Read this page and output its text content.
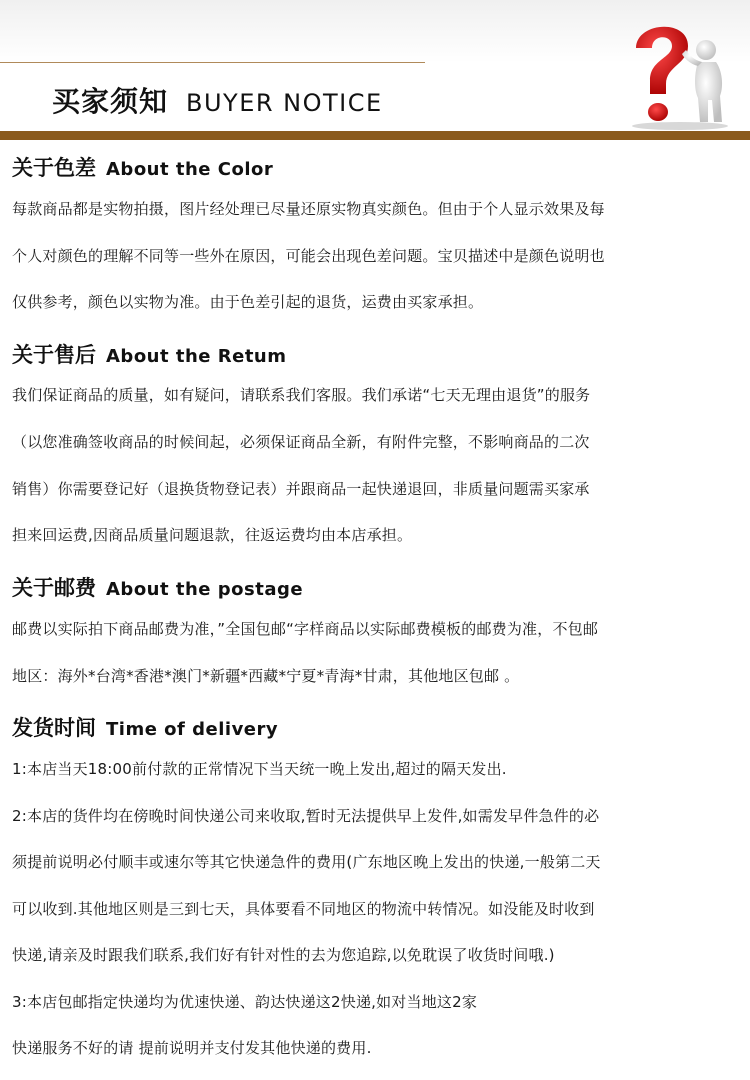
买家须知 BUYER NOTICE
关于色差 About the Color
每款商品都是实物拍摄，图片经处理已尽量还原实物真实颜色。但由于个人显示效果及每
个人对颜色的理解不同等一些外在原因，可能会出现色差问题。宝贝描述中是颜色说明也
仅供参考，颜色以实物为准。由于色差引起的退货，运费由买家承担。
关于售后 About the Retum
我们保证商品的质量，如有疑问，请联系我们客服。我们承诺“七天无理由退货”的服务
（以您准确签收商品的时候间起，必须保证商品全新，有附件完整，不影响商品的二次
销售）你需要登记好（退换货物登记表）并跟商品一起快递退回，非质量问题需买家承
担来回运费,因商品质量问题退款，往返运费均由本店承担。
关于邮费 About the postage
邮费以实际拍下商品邮费为准，”全国包邮“字样商品以实际邮费模板的邮费为准，不包邮
地区：海外*台湾*香港*澳门*新疆*西藏*宁夏*青海*甘肃，其他地区包邮 。
发货时间 Time of delivery
1:本店当天18:00前付款的正常情况下当天统一晚上发出,超过的隔天发出.
2:本店的货件均在傍晚时间快递公司来收取,暂时无法提供早上发件,如需发早件急件的必
须提前说明必付顺丰或速尔等其它快递急件的费用(广东地区晚上发出的快递,一般第二天
可以收到.其他地区则是三到七天，具体要看不同地区的物流中转情况。如没能及时收到
快递,请亲及时跟我们联系,我们好有针对性的去为您追踪,以免耽误了收货时间哦.)
3:本店包邮指定快递均为优速快递、韵达快递这2快递,如对当地这2家
快递服务不好的请 提前说明并支付发其他快递的费用.
